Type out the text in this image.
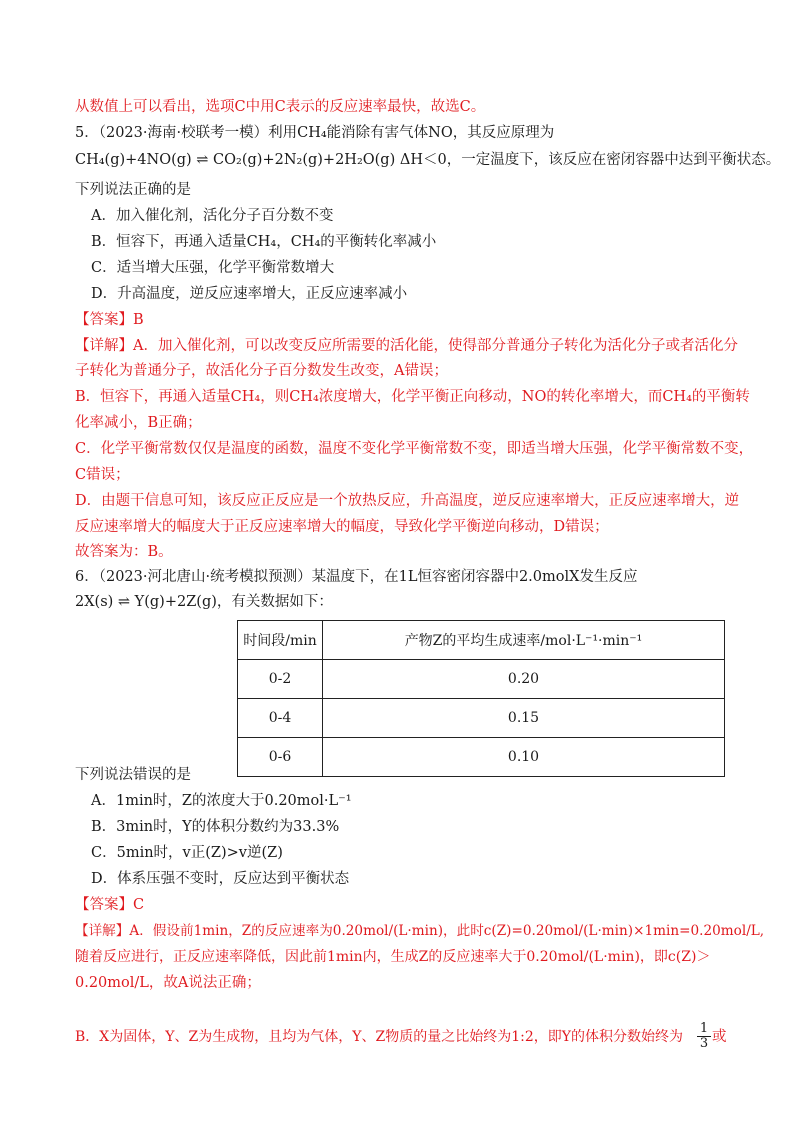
从数值上可以看出，选项C中用C表示的反应速率最快，故选C。
5．（2023·海南·校联考一模）利用CH₄能消除有害气体NO，其反应原理为
CH₄(g)+4NO(g) ⇌ CO₂(g)+2N₂(g)+2H₂O(g) ΔH＜0，一定温度下，该反应在密闭容器中达到平衡状态。
下列说法正确的是
A．加入催化剂，活化分子百分数不变
B．恒容下，再通入适量CH₄，CH₄的平衡转化率减小
C．适当增大压强，化学平衡常数增大
D．升高温度，逆反应速率增大，正反应速率减小
【答案】B
【详解】A．加入催化剂，可以改变反应所需要的活化能，使得部分普通分子转化为活化分子或者活化分
子转化为普通分子，故活化分子百分数发生改变，A错误；
B．恒容下，再通入适量CH₄，则CH₄浓度增大，化学平衡正向移动，NO的转化率增大，而CH₄的平衡转
化率减小，B正确；
C．化学平衡常数仅仅是温度的函数，温度不变化学平衡常数不变，即适当增大压强，化学平衡常数不变，
C错误；
D．由题干信息可知，该反应正反应是一个放热反应，升高温度，逆反应速率增大，正反应速率增大，逆
反应速率增大的幅度大于正反应速率增大的幅度，导致化学平衡逆向移动，D错误；
故答案为：B。
6．（2023·河北唐山·统考模拟预测）某温度下，在1L恒容密闭容器中2.0molX发生反应
2X(s) ⇌ Y(g)+2Z(g)，有关数据如下：
时间段/min	产物Z的平均生成速率/mol·L⁻¹·min⁻¹
0-2	0.20
0-4	0.15
0-6	0.10
下列说法错误的是
A．1min时，Z的浓度大于0.20mol·L⁻¹
B．3min时，Y的体积分数约为33.3%
C．5min时，v正(Z)>v逆(Z)
D．体系压强不变时，反应达到平衡状态
【答案】C
【详解】A．假设前1min，Z的反应速率为0.20mol/(L·min)，此时c(Z)=0.20mol/(L·min)×1min=0.20mol/L,
随着反应进行，正反应速率降低，因此前1min内，生成Z的反应速率大于0.20mol/(L·min)，即c(Z)＞
0.20mol/L，故A说法正确；
B．X为固体，Y、Z为生成物，且均为气体，Y、Z物质的量之比始终为1:2，即Y的体积分数始终为	$\frac{1}{3}$ 或
